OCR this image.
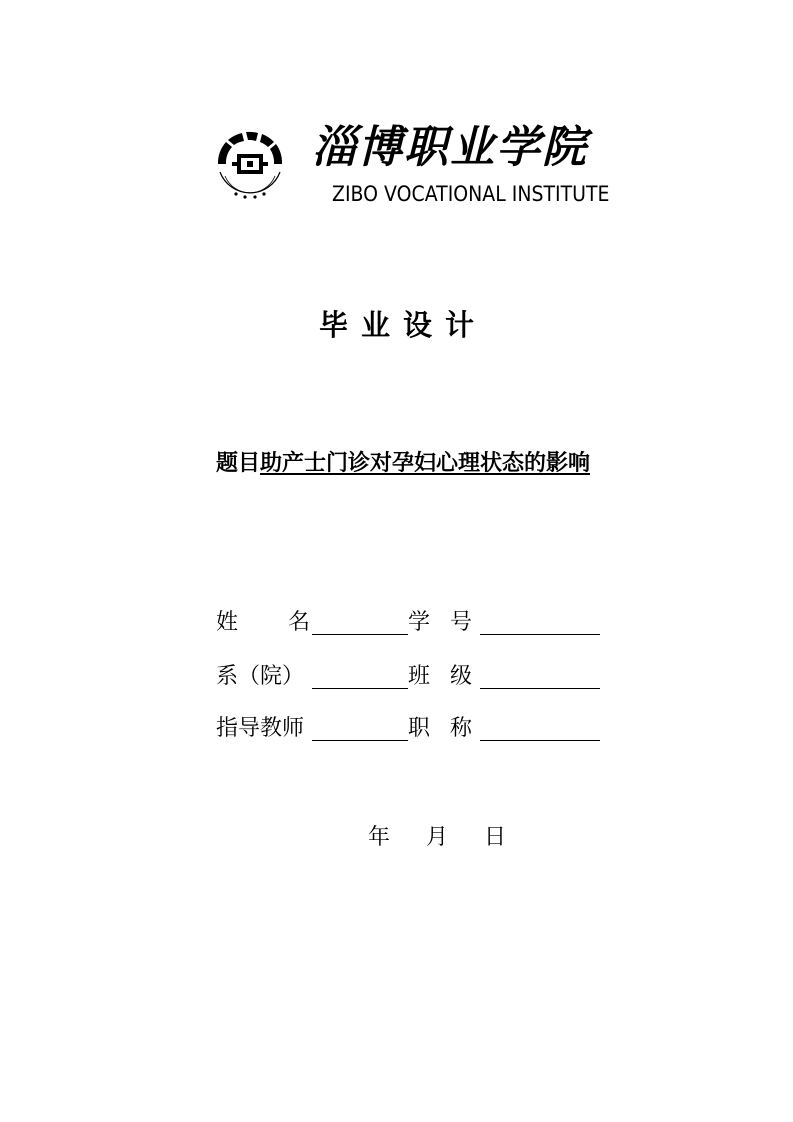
淄博职业学院
ZIBO VOCATIONAL INSTITUTE
毕业设计
题目助产士门诊对孕妇心理状态的影响
姓名 学号
系（院）	班级
指导教师	职称
年 月 日
